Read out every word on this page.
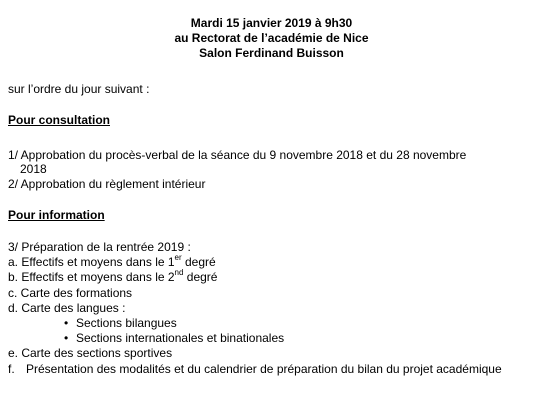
Mardi 15 janvier 2019 à 9h30
au Rectorat de l’académie de Nice
Salon Ferdinand Buisson
sur l’ordre du jour suivant :
Pour consultation
1/ Approbation du procès-verbal de la séance du 9 novembre 2018 et du 28 novembre
2018
2/ Approbation du règlement intérieur
Pour information
3/ Préparation de la rentrée 2019 :
a. Effectifs et moyens dans le 1er degré
b. Effectifs et moyens dans le 2nd degré
c. Carte des formations
d. Carte des langues :
• Sections bilangues
• Sections internationales et binationales
e. Carte des sections sportives
f. Présentation des modalités et du calendrier de préparation du bilan du projet académique
